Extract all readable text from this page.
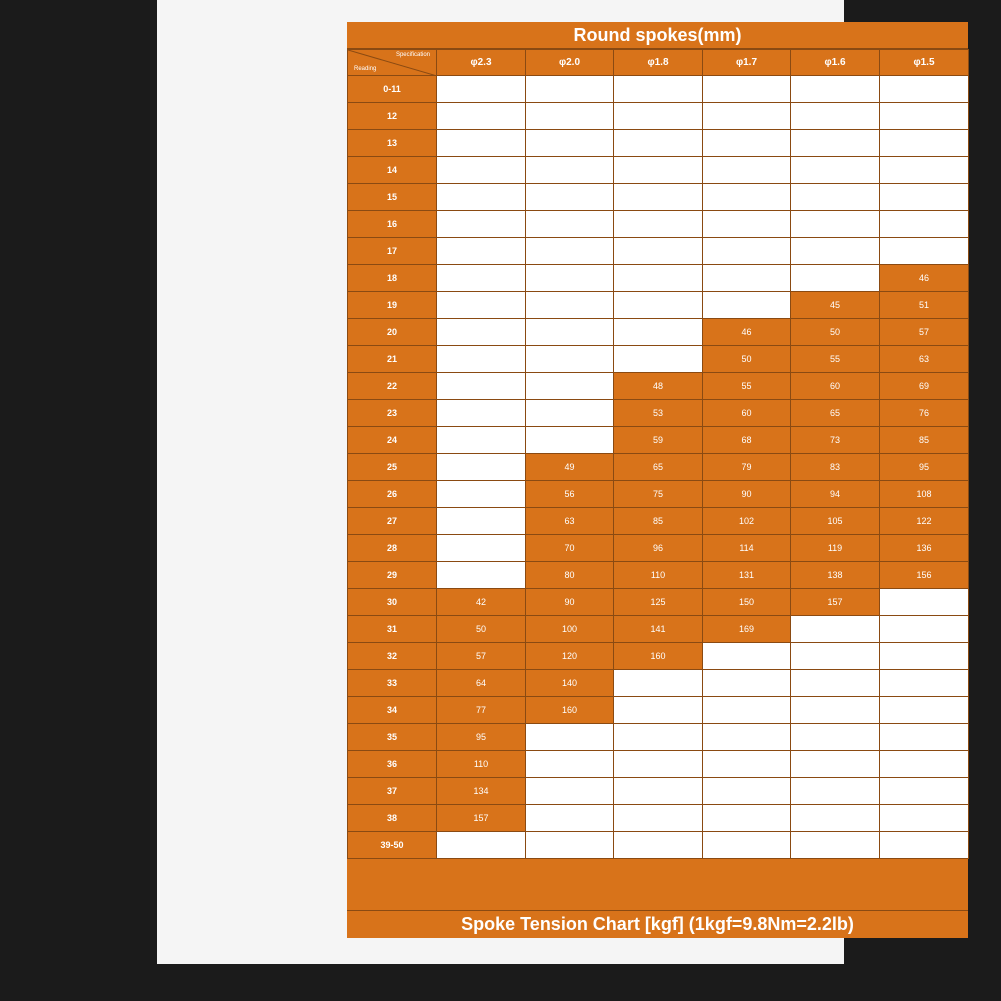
Round spokes(mm)
Specification
Reading	φ2.3	φ2.0	φ1.8	φ1.7	φ1.6	φ1.5
0-11						
12						
13						
14						
15						
16						
17						
18						46
19					45	51
20				46	50	57
21				50	55	63
22			48	55	60	69
23			53	60	65	76
24			59	68	73	85
25		49	65	79	83	95
26		56	75	90	94	108
27		63	85	102	105	122
28		70	96	114	119	136
29		80	110	131	138	156
30	42	90	125	150	157	
31	50	100	141	169		
32	57	120	160			
33	64	140				
34	77	160				
35	95					
36	110					
37	134					
38	157					
39-50						
Spoke Tension Chart [kgf] (1kgf=9.8Nm=2.2lb)
